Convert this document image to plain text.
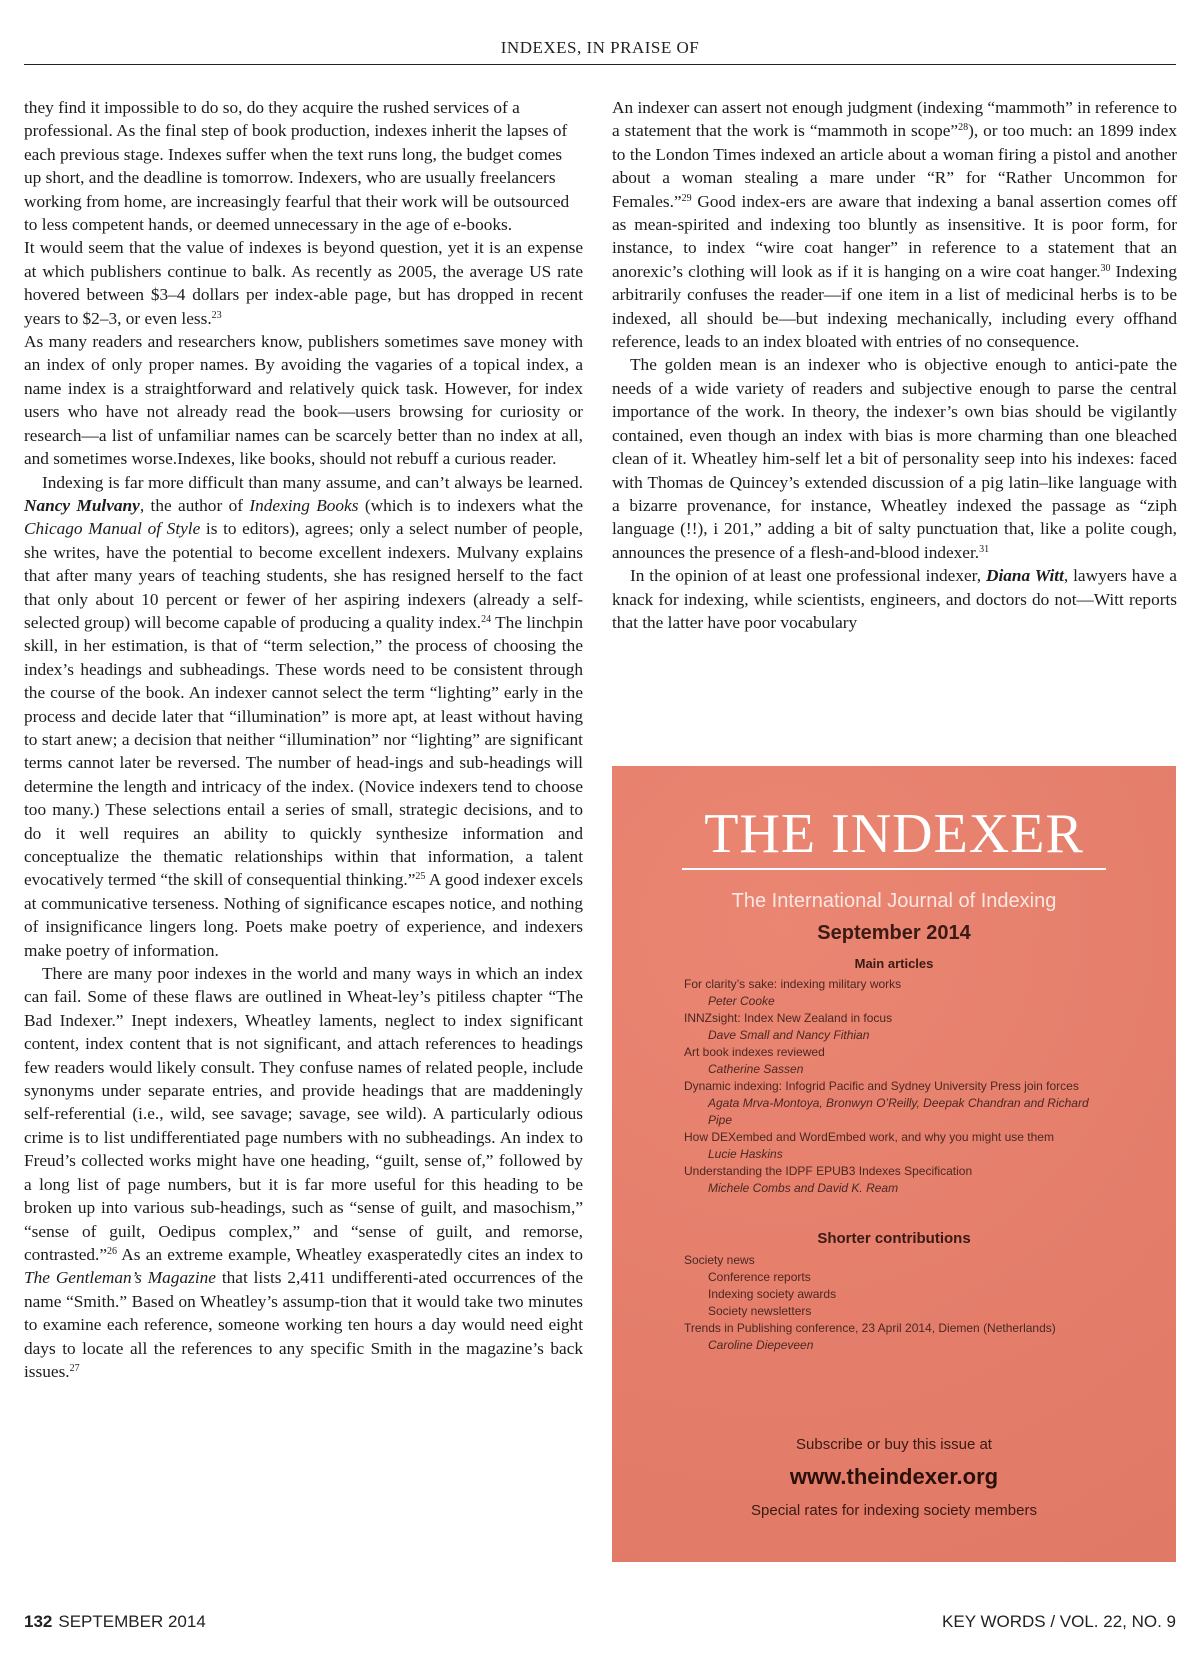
INDEXES, IN PRAISE OF

they find it impossible to do so, do they acquire the rushed services of a professional. As the final step of book production, indexes inherit the lapses of each previous stage. Indexes suffer when the text runs long, the budget comes up short, and the deadline is tomorrow. Indexers, who are usually freelancers working from home, are increasingly fearful that their work will be outsourced to less competent hands, or deemed unnecessary in the age of e-books.

It would seem that the value of indexes is beyond question, yet it is an expense at which publishers continue to balk. As recently as 2005, the average US rate hovered between $3–4 dollars per index-able page, but has dropped in recent years to $2–3, or even less.$^{23}$

As many readers and researchers know, publishers sometimes save money with an index of only proper names. By avoiding the vagaries of a topical index, a name index is a straightforward and relatively quick task. However, for index users who have not already read the book—users browsing for curiosity or research—a list of unfamiliar names can be scarcely better than no index at all, and sometimes worse.Indexes, like books, should not rebuff a curious reader.

Indexing is far more difficult than many assume, and can’t always be learned. Nancy Mulvany, the author of Indexing Books (which is to indexers what the Chicago Manual of Style is to editors), agrees; only a select number of people, she writes, have the potential to become excellent indexers. Mulvany explains that after many years of teaching students, she has resigned herself to the fact that only about 10 percent or fewer of her aspiring indexers (already a self-selected group) will become capable of producing a quality index.$^{24}$ The linchpin skill, in her estimation, is that of “term selection,” the process of choosing the index’s headings and subheadings. These words need to be consistent through the course of the book. An indexer cannot select the term “lighting” early in the process and decide later that “illumination” is more apt, at least without having to start anew; a decision that neither “illumination” nor “lighting” are significant terms cannot later be reversed. The number of head-ings and sub-headings will determine the length and intricacy of the index. (Novice indexers tend to choose too many.) These selections entail a series of small, strategic decisions, and to do it well requires an ability to quickly synthesize information and conceptualize the thematic relationships within that information, a talent evocatively termed “the skill of consequential thinking.”$^{25}$ A good indexer excels at communicative terseness. Nothing of significance escapes notice, and nothing of insignificance lingers long. Poets make poetry of experience, and indexers make poetry of information.

There are many poor indexes in the world and many ways in which an index can fail. Some of these flaws are outlined in Wheat-ley’s pitiless chapter “The Bad Indexer.” Inept indexers, Wheatley laments, neglect to index significant content, index content that is not significant, and attach references to headings few readers would likely consult. They confuse names of related people, include synonyms under separate entries, and provide headings that are maddeningly self-referential (i.e., wild, see savage; savage, see wild). A particularly odious crime is to list undifferentiated page numbers with no subheadings. An index to Freud’s collected works might have one heading, “guilt, sense of,” followed by a long list of page numbers, but it is far more useful for this heading to be broken up into various sub-headings, such as “sense of guilt, and masochism,” “sense of guilt, Oedipus complex,” and “sense of guilt, and remorse, contrasted.”$^{26}$ As an extreme example, Wheatley exasperatedly cites an index to The Gentleman’s Magazine that lists 2,411 undifferenti-ated occurrences of the name “Smith.” Based on Wheatley’s assump-tion that it would take two minutes to examine each reference, someone working ten hours a day would need eight days to locate all the references to any specific Smith in the magazine’s back issues.$^{27}$

An indexer can assert not enough judgment (indexing “mammoth” in reference to a statement that the work is “mammoth in scope”$^{28}$), or too much: an 1899 index to the London Times indexed an article about a woman firing a pistol and another about a woman stealing a mare under “R” for “Rather Uncommon for Females.”$^{29}$ Good index-ers are aware that indexing a banal assertion comes off as mean-spirited and indexing too bluntly as insensitive. It is poor form, for instance, to index “wire coat hanger” in reference to a statement that an anorexic’s clothing will look as if it is hanging on a wire coat hanger.$^{30}$ Indexing arbitrarily confuses the reader—if one item in a list of medicinal herbs is to be indexed, all should be—but indexing mechanically, including every offhand reference, leads to an index bloated with entries of no consequence.

The golden mean is an indexer who is objective enough to antici-pate the needs of a wide variety of readers and subjective enough to parse the central importance of the work. In theory, the indexer’s own bias should be vigilantly contained, even though an index with bias is more charming than one bleached clean of it. Wheatley him-self let a bit of personality seep into his indexes: faced with Thomas de Quincey’s extended discussion of a pig latin–like language with a bizarre provenance, for instance, Wheatley indexed the passage as “ziph language (!!), i 201,” adding a bit of salty punctuation that, like a polite cough, announces the presence of a flesh-and-blood indexer.$^{31}$

In the opinion of at least one professional indexer, Diana Witt, lawyers have a knack for indexing, while scientists, engineers, and doctors do not—Witt reports that the latter have poor vocabulary

THE INDEXER
The International Journal of Indexing
September 2014
Main articles
For clarity’s sake: indexing military works
Peter Cooke
INNZsight: Index New Zealand in focus
Dave Small and Nancy Fithian
Art book indexes reviewed
Catherine Sassen
Dynamic indexing: Infogrid Pacific and Sydney University Press join forces
Agata Mrva-Montoya, Bronwyn O’Reilly, Deepak Chandran and Richard Pipe
How DEXembed and WordEmbed work, and why you might use them
Lucie Haskins
Understanding the IDPF EPUB3 Indexes Specification
Michele Combs and David K. Ream
Shorter contributions
Society news
Conference reports
Indexing society awards
Society newsletters
Trends in Publishing conference, 23 April 2014, Diemen (Netherlands)
Caroline Diepeveen
Subscribe or buy this issue at
www.theindexer.org
Special rates for indexing society members
132 SEPTEMBER 2014	KEY WORDS / VOL. 22, NO. 9
